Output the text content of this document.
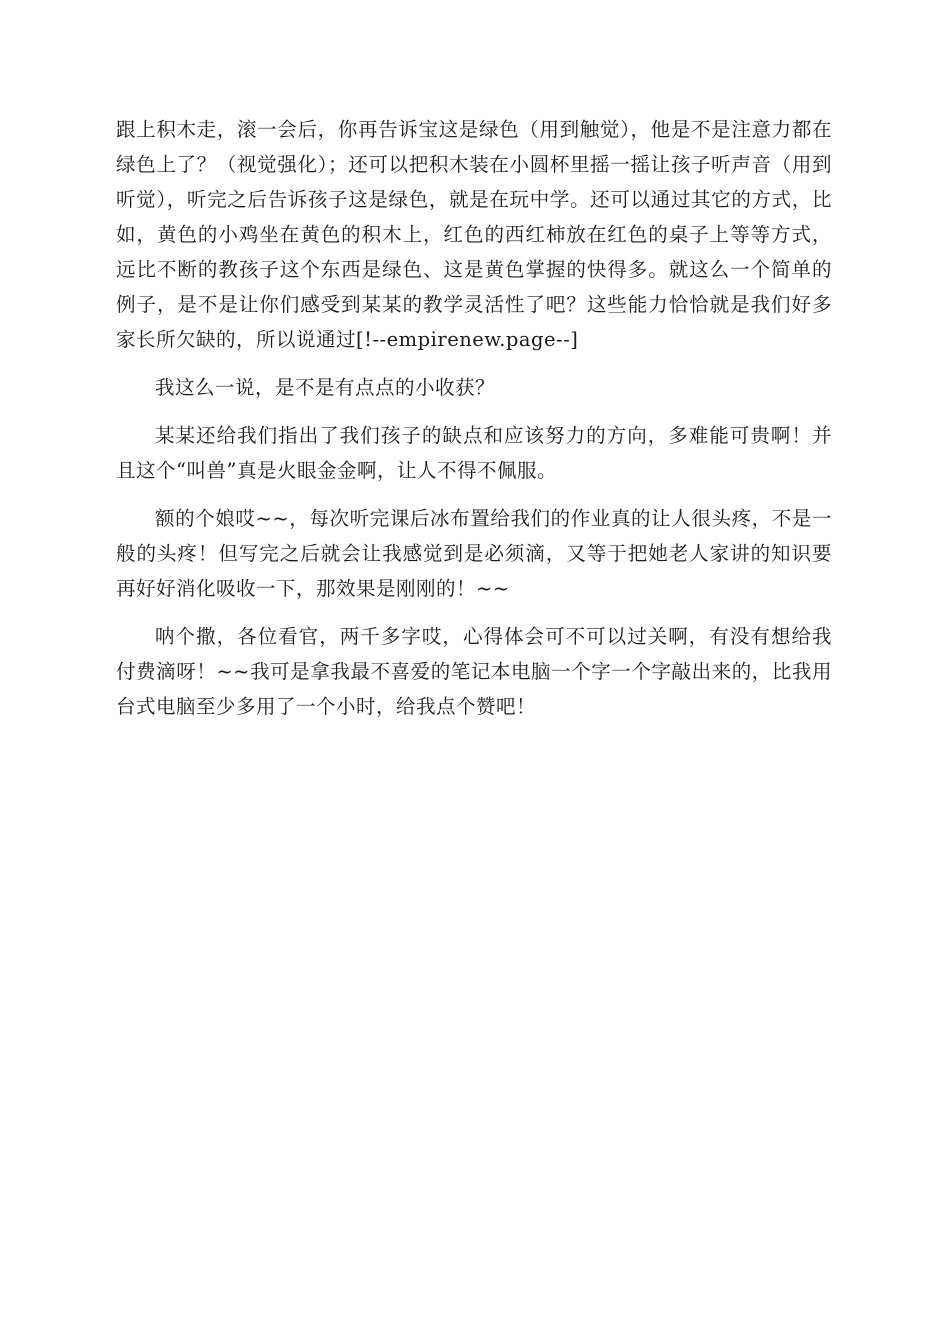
跟上积木走，滚一会后，你再告诉宝这是绿色（用到触觉），他是不是注意力都在绿色上了？（视觉强化）；还可以把积木装在小圆杯里摇一摇让孩子听声音（用到听觉），听完之后告诉孩子这是绿色，就是在玩中学。还可以通过其它的方式，比如，黄色的小鸡坐在黄色的积木上，红色的西红柿放在红色的桌子上等等方式，远比不断的教孩子这个东西是绿色、这是黄色掌握的快得多。就这么一个简单的例子，是不是让你们感受到某某的教学灵活性了吧？这些能力恰恰就是我们好多家长所欠缺的，所以说通过[!--empirenew.page--]

我这么一说，是不是有点点的小收获？

某某还给我们指出了我们孩子的缺点和应该努力的方向，多难能可贵啊！并且这个“叫兽”真是火眼金金啊，让人不得不佩服。

额的个娘哎~~，每次听完课后冰布置给我们的作业真的让人很头疼，不是一般的头疼！但写完之后就会让我感觉到是必须滴，又等于把她老人家讲的知识要再好好消化吸收一下，那效果是刚刚的！~~

呐个撒，各位看官，两千多字哎，心得体会可不可以过关啊，有没有想给我付费滴呀！~~我可是拿我最不喜爱的笔记本电脑一个字一个字敲出来的，比我用台式电脑至少多用了一个小时，给我点个赞吧！
